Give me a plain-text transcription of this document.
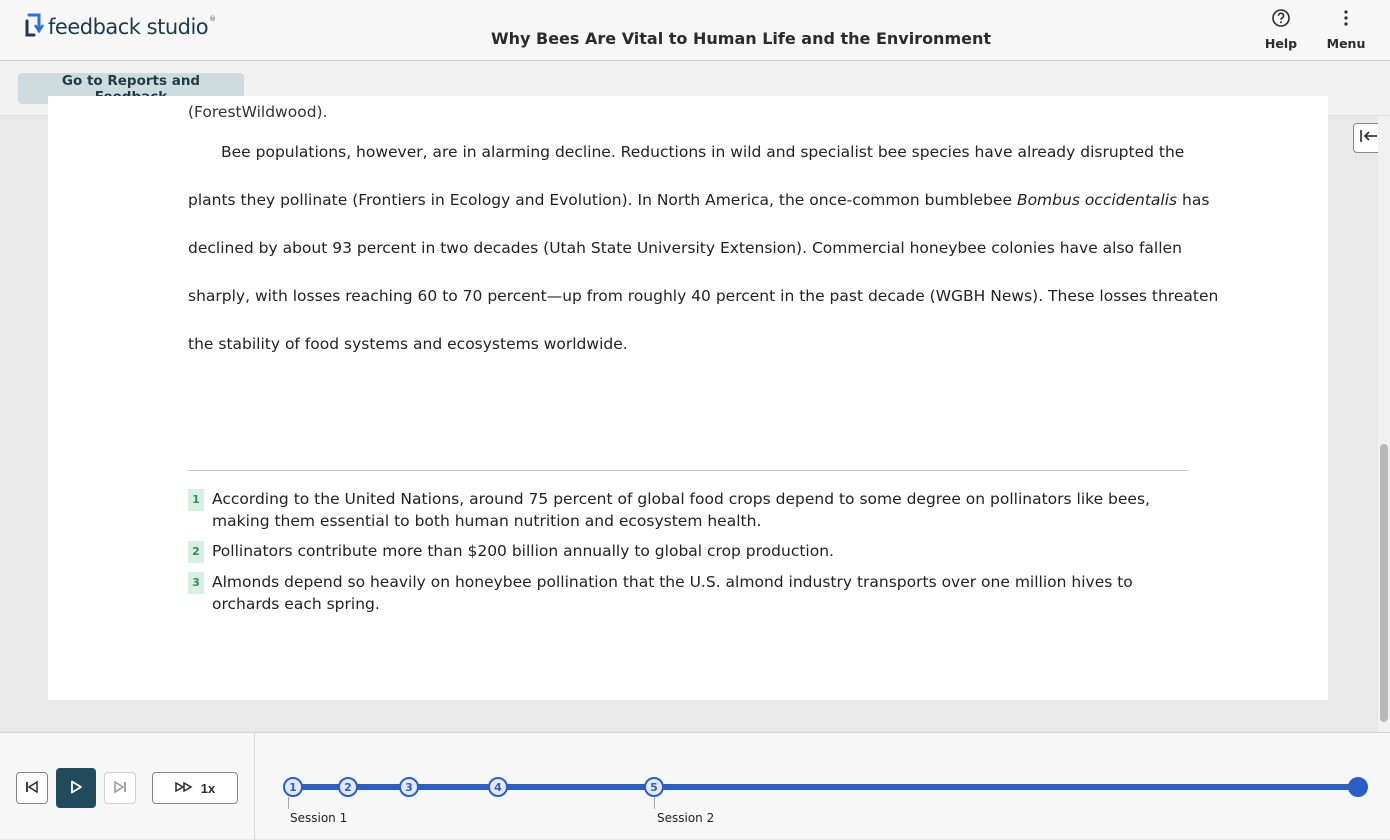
feedback studio®
Why Bees Are Vital to Human Life and the Environment	Help Menu
Go to Reports and
(ForestWildwood).
Bee populations, however, are in alarming decline. Reductions in wild and specialist bee species have already disrupted the
plants they pollinate (Frontiers in Ecology and Evolution). In North America, the once-common bumblebee Bombus occidentalis has
declined by about 93 percent in two decades (Utah State University Extension). Commercial honeybee colonies have also fallen
sharply, with losses reaching 60 to 70 percent—up from roughly 40 percent in the past decade (WGBH News). These losses threaten
the stability of food systems and ecosystems worldwide.
1 According to the United Nations, around 75 percent of global food crops depend to some degree on pollinators like bees, making them essential to both human nutrition and ecosystem health.
2 Pollinators contribute more than $200 billion annually to global crop production.
3 Almonds depend so heavily on honeybee pollination that the U.S. almond industry transports over one million hives to orchards each spring.
1x	1	2	3	4	5
Session 1	Session 2
